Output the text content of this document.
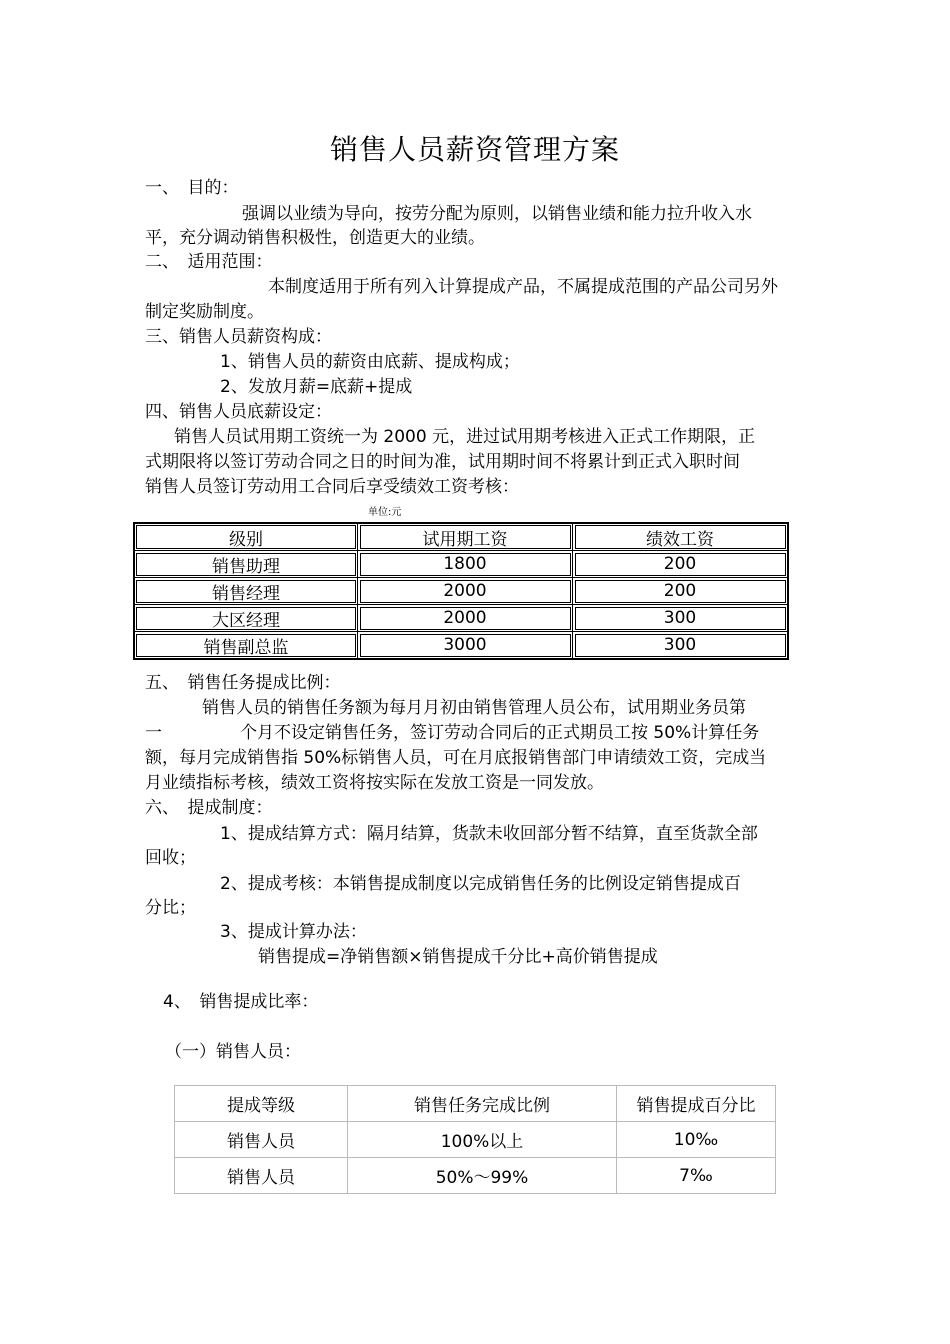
销售人员薪资管理方案
一、　目的：
强调以业绩为导向，按劳分配为原则，以销售业绩和能力拉升收入水
平，充分调动销售积极性，创造更大的业绩。
二、　适用范围：
本制度适用于所有列入计算提成产品，不属提成范围的产品公司另外
制定奖励制度。
三、销售人员薪资构成：
1、销售人员的薪资由底薪、提成构成；
2、发放月薪=底薪+提成
四、销售人员底薪设定：
销售人员试用期工资统一为 2000 元，进过试用期考核进入正式工作期限，正
式期限将以签订劳动合同之日的时间为准，试用期时间不将累计到正式入职时间
销售人员签订劳动用工合同后享受绩效工资考核：
单位:元
级别	试用期工资	绩效工资
销售助理	1800	200
销售经理	2000	200
大区经理	2000	300
销售副总监	3000	300
五、　销售任务提成比例：
销售人员的销售任务额为每月月初由销售管理人员公布，试用期业务员第
一	个月不设定销售任务，签订劳动合同后的正式期员工按 50%计算任务
额，每月完成销售指 50%标销售人员，可在月底报销售部门申请绩效工资，完成当
月业绩指标考核，绩效工资将按实际在发放工资是一同发放。
六、　提成制度：
1、提成结算方式：隔月结算，货款未收回部分暂不结算，直至货款全部
回收；
2、提成考核：本销售提成制度以完成销售任务的比例设定销售提成百
分比；
3、提成计算办法：
销售提成=净销售额×销售提成千分比+高价销售提成
4、　销售提成比率：
（一）销售人员：
提成等级	销售任务完成比例	销售提成百分比
销售人员	100%以上	10‰
销售人员	50%～99%	7‰
